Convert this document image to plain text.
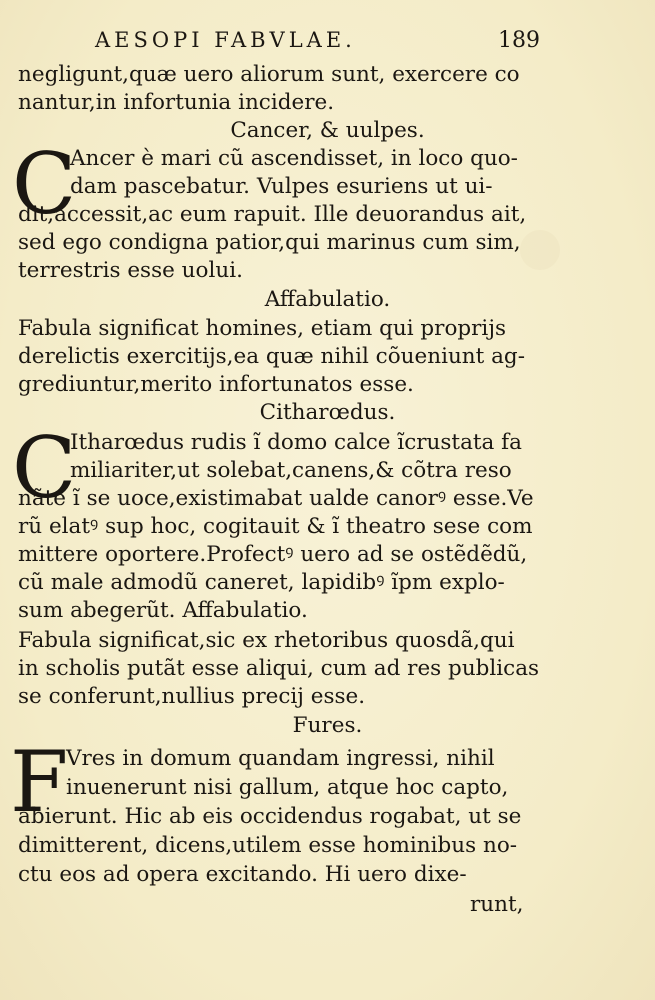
AESOPI FABVLAE.	189
negligunt,quæ uero aliorum sunt, exercere co
nantur,in infortunia incidere.
Cancer, & uulpes.
C
Ancer è mari cũ ascendisset, in loco quo-
dam pascebatur. Vulpes esuriens ut ui-
dit,accessit,ac eum rapuit. Ille deuorandus ait,
sed ego condigna patior,qui marinus cum sim,
terrestris esse uolui.
Affabulatio.
Fabula significat homines, etiam qui proprijs
derelictis exercitijs,ea quæ nihil cõueniunt ag-
grediuntur,merito infortunatos esse.
Citharœdus.
C
Itharœdus rudis ĩ domo calce ĩcrustata fa
miliariter,ut solebat,canens,& cõtra reso
nãte ĩ se uoce,existimabat ualde canorꝰ esse.Ve
rũ elatꝰ sup hoc, cogitauit & ĩ theatro sese com
mittere oportere.Profectꝰ uero ad se ostẽdẽdũ,
cũ male admodũ caneret, lapidibꝰ ĩpm explo-
sum abegerũt. Affabulatio.
Fabula significat,sic ex rhetoribus quosdã,qui
in scholis putãt esse aliqui, cum ad res publicas
se conferunt,nullius precij esse.
Fures.
F
Vres in domum quandam ingressi, nihil
inuenerunt nisi gallum, atque hoc capto,
abierunt. Hic ab eis occidendus rogabat, ut se
dimitterent, dicens,utilem esse hominibus no-
ctu eos ad opera excitando. Hi uero dixe-
runt,
